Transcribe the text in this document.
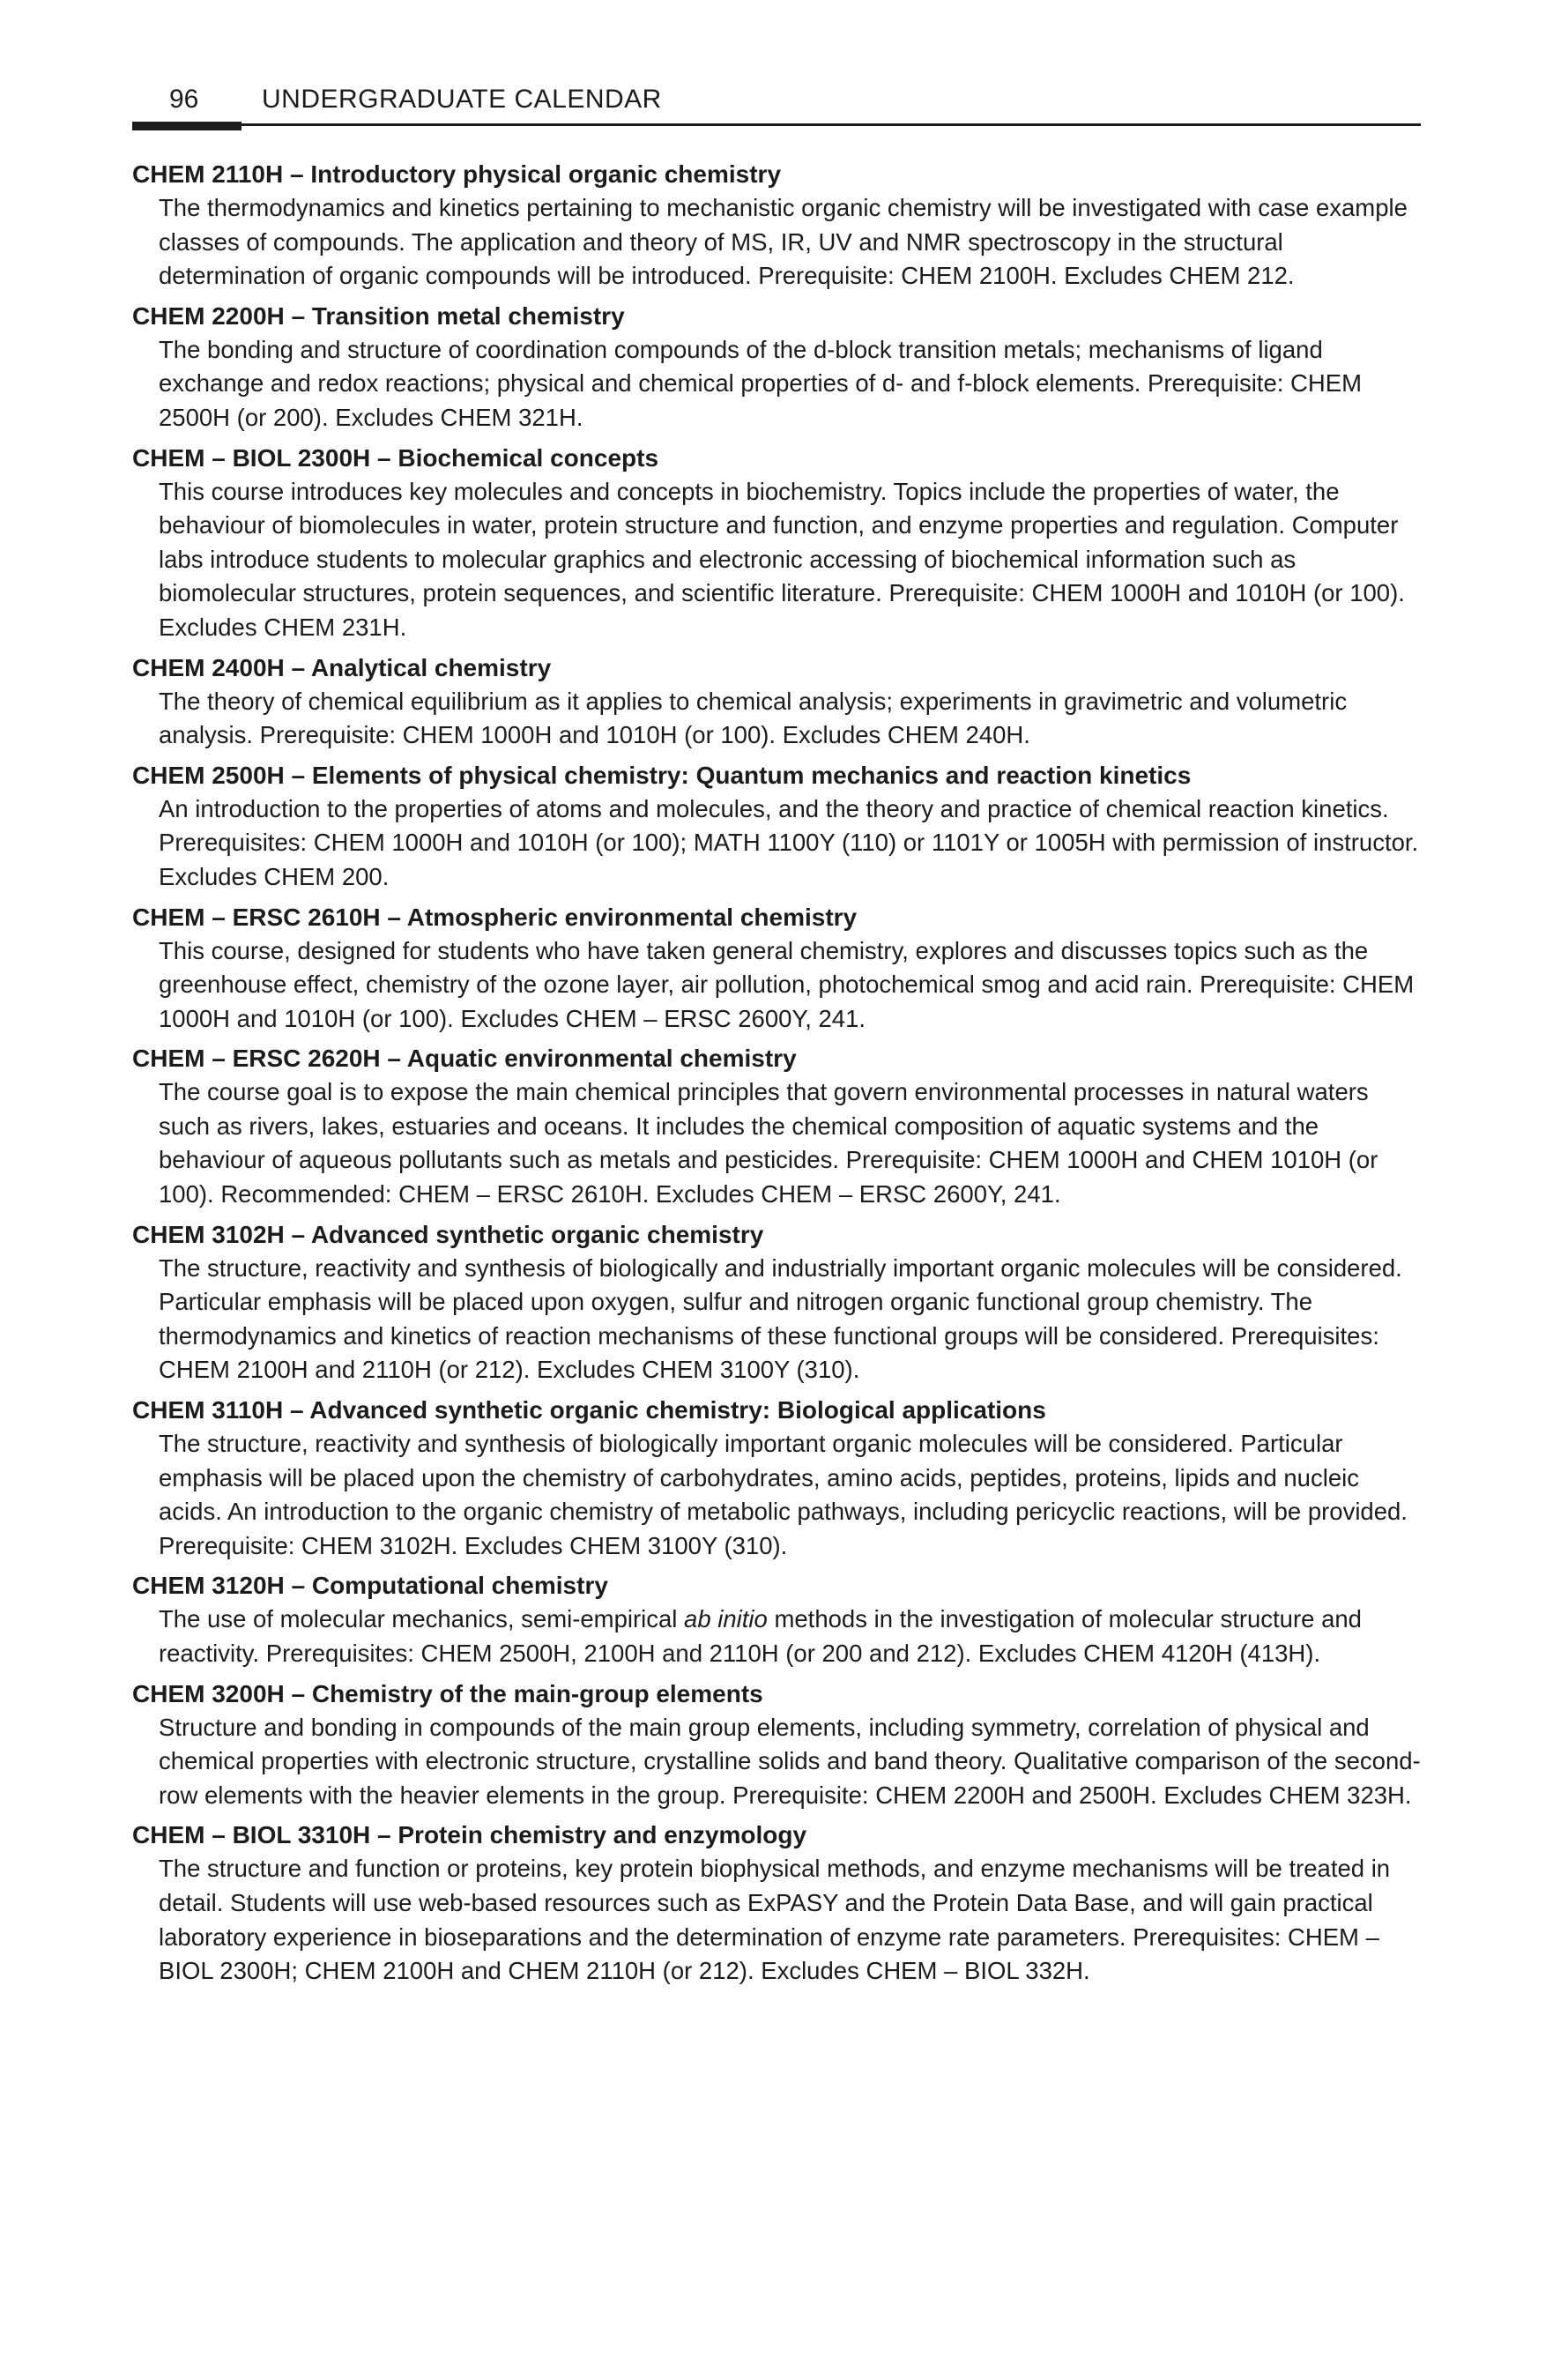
96 UNDERGRADUATE CALENDAR
CHEM 2110H – Introductory physical organic chemistry
The thermodynamics and kinetics pertaining to mechanistic organic chemistry will be investigated with case example classes of compounds. The application and theory of MS, IR, UV and NMR spectroscopy in the structural determination of organic compounds will be introduced. Prerequisite: CHEM 2100H. Excludes CHEM 212.
CHEM 2200H – Transition metal chemistry
The bonding and structure of coordination compounds of the d-block transition metals; mechanisms of ligand exchange and redox reactions; physical and chemical properties of d- and f-block elements. Prerequisite: CHEM 2500H (or 200). Excludes CHEM 321H.
CHEM – BIOL 2300H – Biochemical concepts
This course introduces key molecules and concepts in biochemistry. Topics include the properties of water, the behaviour of biomolecules in water, protein structure and function, and enzyme properties and regulation. Computer labs introduce students to molecular graphics and electronic accessing of biochemical information such as biomolecular structures, protein sequences, and scientific literature. Prerequisite: CHEM 1000H and 1010H (or 100). Excludes CHEM 231H.
CHEM 2400H – Analytical chemistry
The theory of chemical equilibrium as it applies to chemical analysis; experiments in gravimetric and volumetric analysis. Prerequisite: CHEM 1000H and 1010H (or 100). Excludes CHEM 240H.
CHEM 2500H – Elements of physical chemistry: Quantum mechanics and reaction kinetics
An introduction to the properties of atoms and molecules, and the theory and practice of chemical reaction kinetics. Prerequisites: CHEM 1000H and 1010H (or 100); MATH 1100Y (110) or 1101Y or 1005H with permission of instructor. Excludes CHEM 200.
CHEM – ERSC 2610H – Atmospheric environmental chemistry
This course, designed for students who have taken general chemistry, explores and discusses topics such as the greenhouse effect, chemistry of the ozone layer, air pollution, photochemical smog and acid rain. Prerequisite: CHEM 1000H and 1010H (or 100). Excludes CHEM – ERSC 2600Y, 241.
CHEM – ERSC 2620H – Aquatic environmental chemistry
The course goal is to expose the main chemical principles that govern environmental processes in natural waters such as rivers, lakes, estuaries and oceans. It includes the chemical composition of aquatic systems and the behaviour of aqueous pollutants such as metals and pesticides. Prerequisite: CHEM 1000H and CHEM 1010H (or 100). Recommended: CHEM – ERSC 2610H. Excludes CHEM – ERSC 2600Y, 241.
CHEM 3102H – Advanced synthetic organic chemistry
The structure, reactivity and synthesis of biologically and industrially important organic molecules will be considered. Particular emphasis will be placed upon oxygen, sulfur and nitrogen organic functional group chemistry. The thermodynamics and kinetics of reaction mechanisms of these functional groups will be considered. Prerequisites: CHEM 2100H and 2110H (or 212). Excludes CHEM 3100Y (310).
CHEM 3110H – Advanced synthetic organic chemistry: Biological applications
The structure, reactivity and synthesis of biologically important organic molecules will be considered. Particular emphasis will be placed upon the chemistry of carbohydrates, amino acids, peptides, proteins, lipids and nucleic acids. An introduction to the organic chemistry of metabolic pathways, including pericyclic reactions, will be provided. Prerequisite: CHEM 3102H. Excludes CHEM 3100Y (310).
CHEM 3120H – Computational chemistry
The use of molecular mechanics, semi-empirical ab initio methods in the investigation of molecular structure and reactivity. Prerequisites: CHEM 2500H, 2100H and 2110H (or 200 and 212). Excludes CHEM 4120H (413H).
CHEM 3200H – Chemistry of the main-group elements
Structure and bonding in compounds of the main group elements, including symmetry, correlation of physical and chemical properties with electronic structure, crystalline solids and band theory. Qualitative comparison of the second-row elements with the heavier elements in the group. Prerequisite: CHEM 2200H and 2500H. Excludes CHEM 323H.
CHEM – BIOL 3310H – Protein chemistry and enzymology
The structure and function or proteins, key protein biophysical methods, and enzyme mechanisms will be treated in detail. Students will use web-based resources such as ExPASY and the Protein Data Base, and will gain practical laboratory experience in bioseparations and the determination of enzyme rate parameters. Prerequisites: CHEM – BIOL 2300H; CHEM 2100H and CHEM 2110H (or 212). Excludes CHEM – BIOL 332H.
